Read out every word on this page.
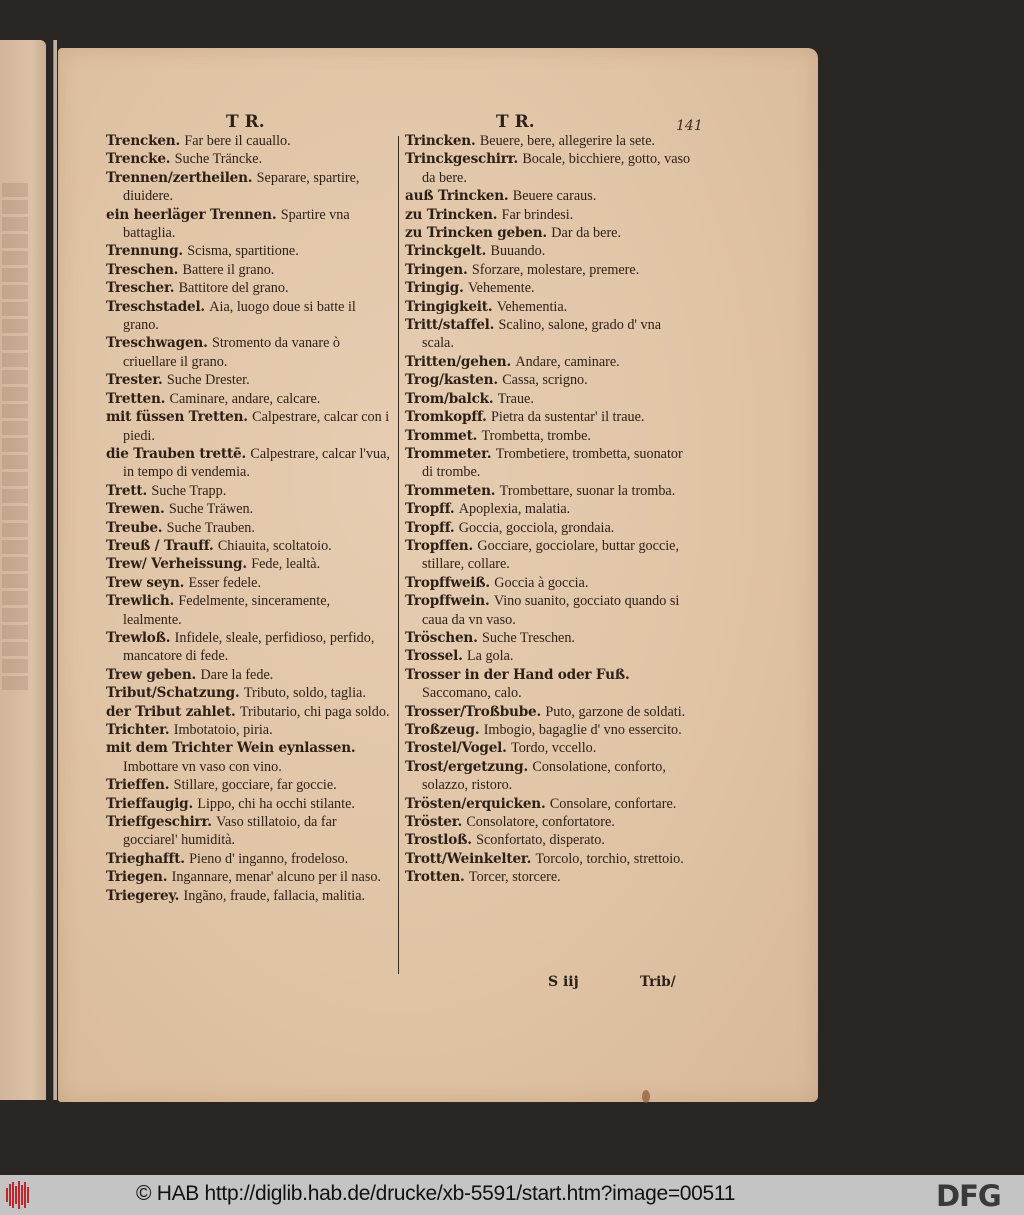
T R.	T R.	141

Trencken. Far bere il cauallo.

Trencke. Suche Träncke.

Trennen/zertheilen. Separare, spartire, diuidere.

ein heerläger Trennen. Spartire vna battaglia.

Trennung. Scisma, spartitione.

Treschen. Battere il grano.

Trescher. Battitore del grano.

Treschstadel. Aia, luogo doue si batte il grano.

Treschwagen. Stromento da vanare ò criuellare il grano.

Trester. Suche Drester.

Tretten. Caminare, andare, calcare.

mit füssen Tretten. Calpestrare, calcar con i piedi.

die Trauben trettē. Calpestrare, calcar l'vua, in tempo di vendemia.

Trett. Suche Trapp.

Trewen. Suche Träwen.

Treube. Suche Trauben.

Treuß / Trauff. Chiauita, scoltatoio.

Trew/ Verheissung. Fede, lealtà.

Trew seyn. Esser fedele.

Trewlich. Fedelmente, sinceramente, lealmente.

Trewloß. Infidele, sleale, perfidioso, perfido, mancatore di fede.

Trew geben. Dare la fede.

Tribut/Schatzung. Tributo, soldo, taglia.

der Tribut zahlet. Tributario, chi paga soldo.

Trichter. Imbotatoio, piria.

mit dem Trichter Wein eynlassen. Imbottare vn vaso con vino.

Trieffen. Stillare, gocciare, far goccie.

Trieffaugig. Lippo, chi ha occhi stilante.

Trieffgeschirr. Vaso stillatoio, da far gocciarel' humidità.

Trieghafft. Pieno d' inganno, frodeloso.

Triegen. Ingannare, menar' alcuno per il naso.

Triegerey. Ingãno, fraude, fallacia, malitia.

Trincken. Beuere, bere, allegerire la sete.

Trinckgeschirr. Bocale, bicchiere, gotto, vaso da bere.

auß Trincken. Beuere caraus.

zu Trincken. Far brindesi.

zu Trincken geben. Dar da bere.

Trinckgelt. Buuando.

Tringen. Sforzare, molestare, premere.

Tringig. Vehemente.

Tringigkeit. Vehementia.

Tritt/staffel. Scalino, salone, grado d' vna scala.

Tritten/gehen. Andare, caminare.

Trog/kasten. Cassa, scrigno.

Trom/balck. Traue.

Tromkopff. Pietra da sustentar' il traue.

Trommet. Trombetta, trombe.

Trommeter. Trombetiere, trombetta, suonator di trombe.

Trommeten. Trombettare, suonar la tromba.

Tropff. Apoplexia, malatia.

Tropff. Goccia, gocciola, grondaia.

Tropffen. Gocciare, gocciolare, buttar goccie, stillare, collare.

Tropffweiß. Goccia à goccia.

Tropffwein. Vino suanito, gocciato quando si caua da vn vaso.

Tröschen. Suche Treschen.

Trossel. La gola.

Trosser in der Hand oder Fuß. Saccomano, calo.

Trosser/Troßbube. Puto, garzone de soldati.

Troßzeug. Imbogio, bagaglie d' vno essercito.

Trostel/Vogel. Tordo, vccello.

Trost/ergetzung. Consolatione, conforto, solazzo, ristoro.

Trösten/erquicken. Consolare, confortare.

Tröster. Consolatore, confortatore.

Trostloß. Sconfortato, disperato.

Trott/Weinkelter. Torcolo, torchio, strettoio.

Trotten. Torcer, storcere.

S iij	Trib/
© HAB http://diglib.hab.de/drucke/xb-5591/start.htm?image=00511	DFG
